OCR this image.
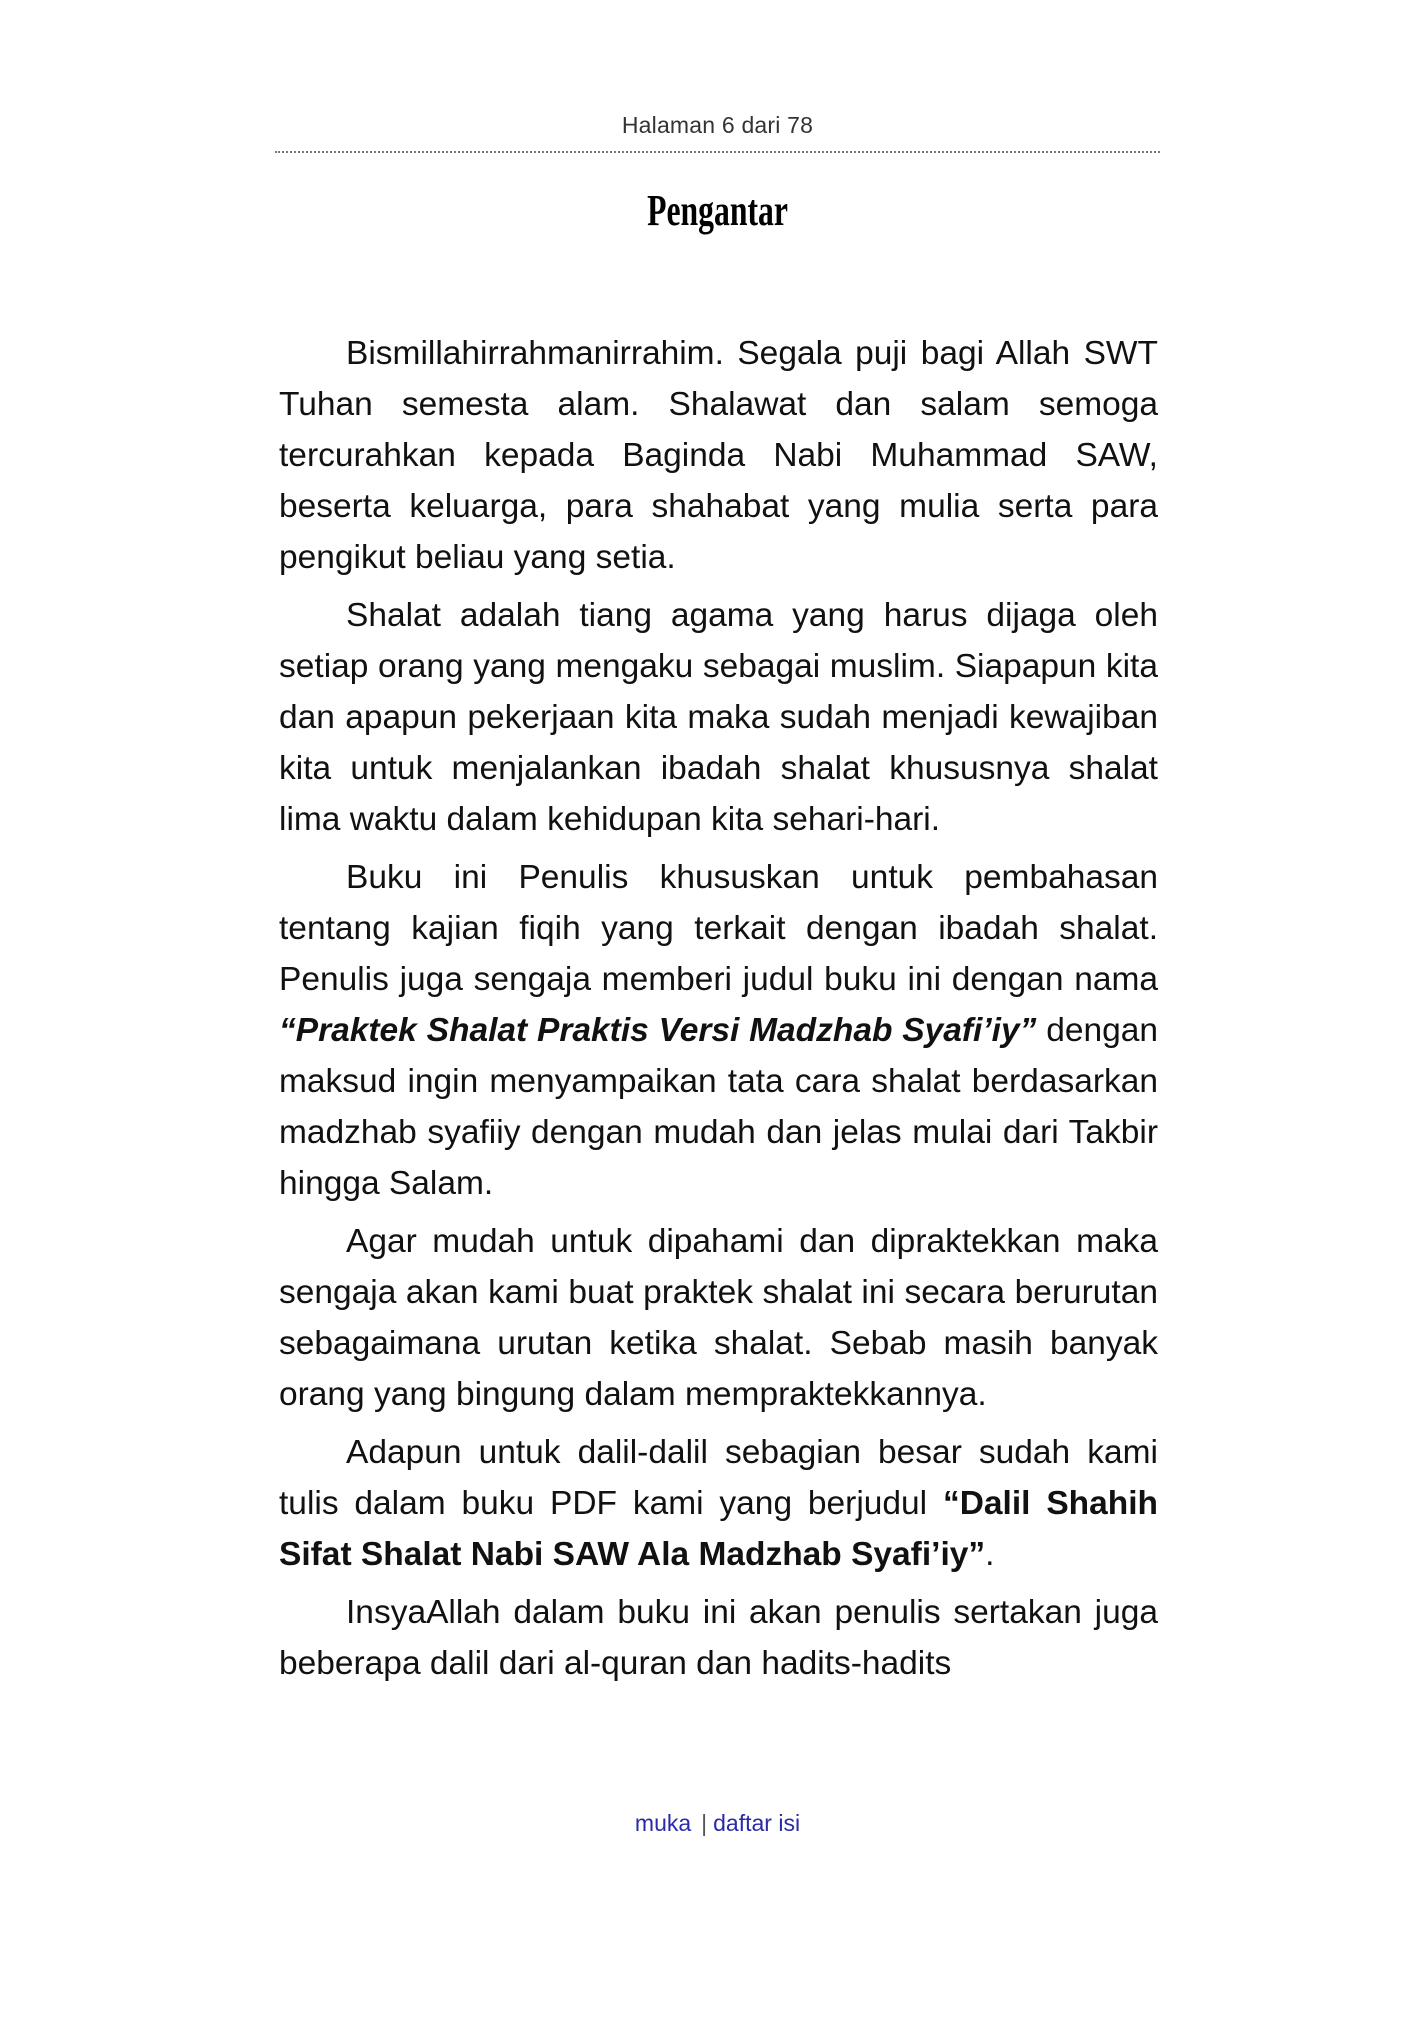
Halaman 6 dari 78
Pengantar

Bismillahirrahmanirrahim. Segala puji bagi Allah SWT Tuhan semesta alam. Shalawat dan salam semoga tercurahkan kepada Baginda Nabi Muhammad SAW, beserta keluarga, para shahabat yang mulia serta para pengikut beliau yang setia.

Shalat adalah tiang agama yang harus dijaga oleh setiap orang yang mengaku sebagai muslim. Siapapun kita dan apapun pekerjaan kita maka sudah menjadi kewajiban kita untuk menjalankan ibadah shalat khususnya shalat lima waktu dalam kehidupan kita sehari-hari.

Buku ini Penulis khususkan untuk pembahasan tentang kajian fiqih yang terkait dengan ibadah shalat. Penulis juga sengaja memberi judul buku ini dengan nama “Praktek Shalat Praktis Versi Madzhab Syafi’iy” dengan maksud ingin menyampaikan tata cara shalat berdasarkan madzhab syafiiy dengan mudah dan jelas mulai dari Takbir hingga Salam.

Agar mudah untuk dipahami dan dipraktekkan maka sengaja akan kami buat praktek shalat ini secara berurutan sebagaimana urutan ketika shalat. Sebab masih banyak orang yang bingung dalam mempraktekkannya.

Adapun untuk dalil-dalil sebagian besar sudah kami tulis dalam buku PDF kami yang berjudul “Dalil Shahih Sifat Shalat Nabi SAW Ala Madzhab Syafi’iy”.

InsyaAllah dalam buku ini akan penulis sertakan juga beberapa dalil dari al-quran dan hadits-hadits

muka | daftar isi
